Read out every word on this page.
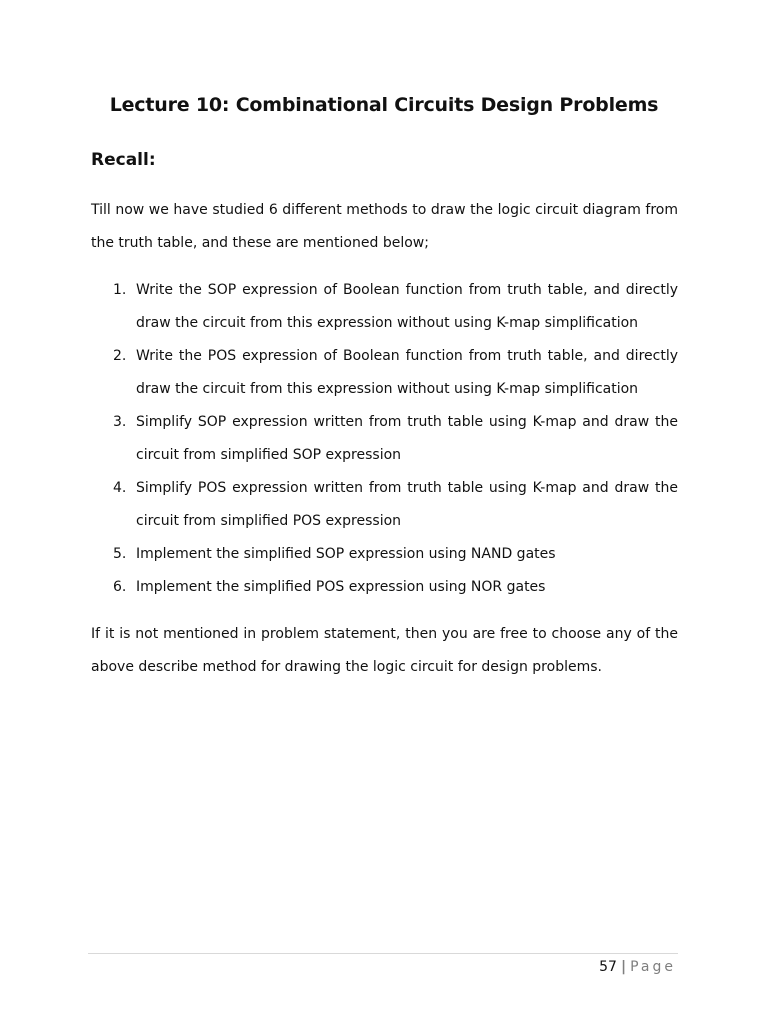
Lecture 10: Combinational Circuits Design Problems
Recall:
Till now we have studied 6 different methods to draw the logic circuit diagram from the truth table, and these are mentioned below;
1. Write the SOP expression of Boolean function from truth table, and directly draw the circuit from this expression without using K-map simplification
2. Write the POS expression of Boolean function from truth table, and directly draw the circuit from this expression without using K-map simplification
3. Simplify SOP expression written from truth table using K-map and draw the circuit from simplified SOP expression
4. Simplify POS expression written from truth table using K-map and draw the circuit from simplified POS expression
5. Implement the simplified SOP expression using NAND gates
6. Implement the simplified POS expression using NOR gates
If it is not mentioned in problem statement, then you are free to choose any of the above describe method for drawing the logic circuit for design problems.
57 | Page
